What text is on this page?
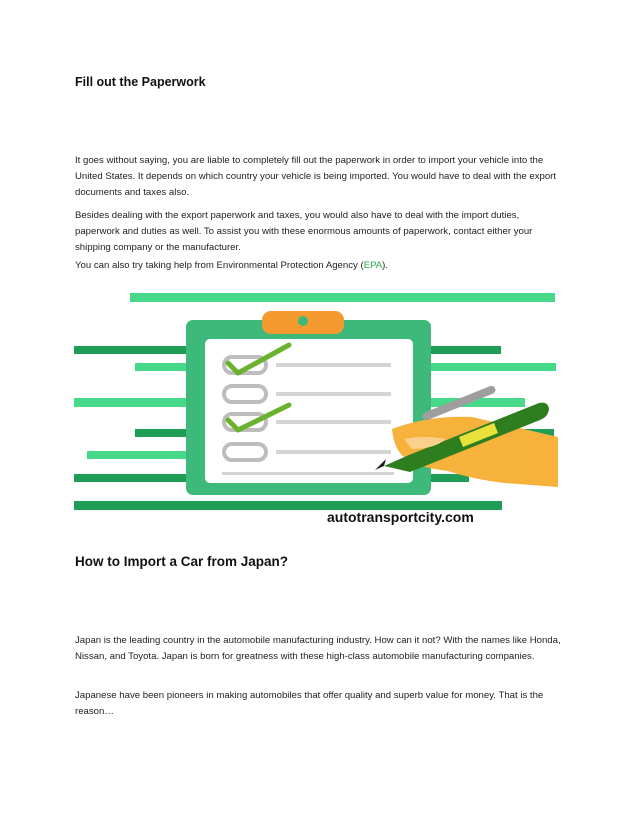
Fill out the Paperwork

It goes without saying, you are liable to completely fill out the paperwork in order to import your vehicle into the United States. It depends on which country your vehicle is being imported. You would have to deal with the export documents and taxes also.

Besides dealing with the export paperwork and taxes, you would also have to deal with the import duties, paperwork and duties as well. To assist you with these enormous amounts of paperwork, contact either your shipping company or the manufacturer.

You can also try taking help from Environmental Protection Agency (EPA).

autotransportcity.com
How to Import a Car from Japan?

Japan is the leading country in the automobile manufacturing industry. How can it not? With the names like Honda, Nissan, and Toyota. Japan is born for greatness with these high-class automobile manufacturing companies.

Japanese have been pioneers in making automobiles that offer quality and superb value for money. That is the reason…
